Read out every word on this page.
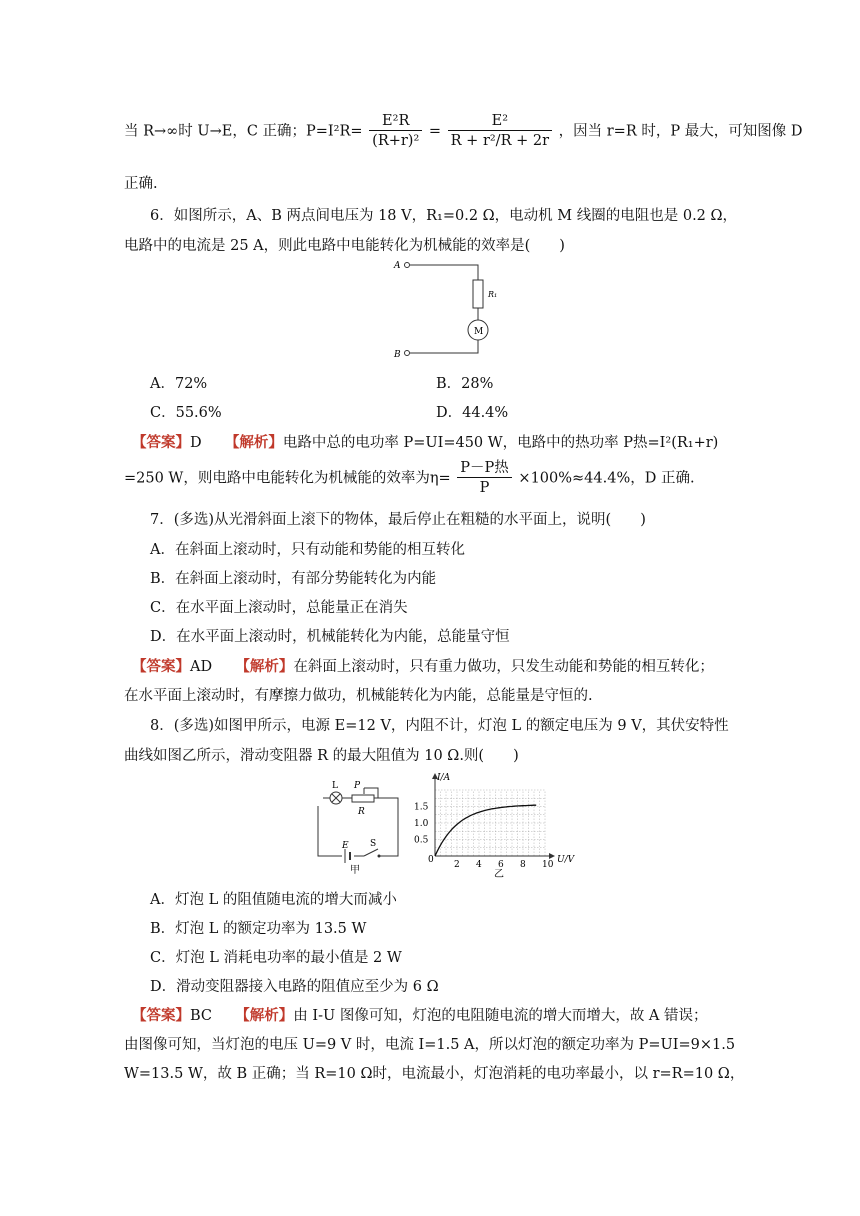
当 R→∞时 U→E，C 正确；$P=I^2R= \frac{\text{E²R}}{\text{(R+r)²}} = \frac{\text{E²}}{\text{R + r²/R + 2r}}$ ，因当 r=R 时，P 最大，可知图像 D
正确.
6．如图所示，A、B 两点间电压为 18 V，R₁=0.2 Ω，电动机 M 线圈的电阻也是 0.2 Ω，
电路中的电流是 25 A，则此电路中电能转化为机械能的效率是(　　)
A
R₁
M
B
A．72%	B．28%
C．55.6%	D．44.4%
【答案】D 【解析】电路中总的电功率 P=UI=450 W，电路中的热功率 P热=I²(R₁+r)
=250 W，则电路中电能转化为机械能的效率为$\eta= \frac{\text{P－P热}}{P} \times 100\%\approx 44.4\%$，D 正确.
7．(多选)从光滑斜面上滚下的物体，最后停止在粗糙的水平面上，说明(　　)
A．在斜面上滚动时，只有动能和势能的相互转化
B．在斜面上滚动时，有部分势能转化为内能
C．在水平面上滚动时，总能量正在消失
D．在水平面上滚动时，机械能转化为内能，总能量守恒
【答案】AD 【解析】在斜面上滚动时，只有重力做功，只发生动能和势能的相互转化；
在水平面上滚动时，有摩擦力做功，机械能转化为内能，总能量是守恒的.
8．(多选)如图甲所示，电源 E=12 V，内阻不计，灯泡 L 的额定电压为 9 V，其伏安特性
曲线如图乙所示，滑动变阻器 R 的最大阻值为 10 Ω.则(　　)
L P
R
E S
甲
I/A
U/V
0
0.5
1.0
1.5
2 4 6 8 10
乙
A．灯泡 L 的阻值随电流的增大而减小
B．灯泡 L 的额定功率为 13.5 W
C．灯泡 L 消耗电功率的最小值是 2 W
D．滑动变阻器接入电路的阻值应至少为 6 Ω
【答案】BC 【解析】由 I-U 图像可知，灯泡的电阻随电流的增大而增大，故 A 错误；
由图像可知，当灯泡的电压 U=9 V 时，电流 I=1.5 A，所以灯泡的额定功率为 P=UI=9×1.5
W=13.5 W，故 B 正确；当 R=10 Ω时，电流最小，灯泡消耗的电功率最小，以 r=R=10 Ω，
